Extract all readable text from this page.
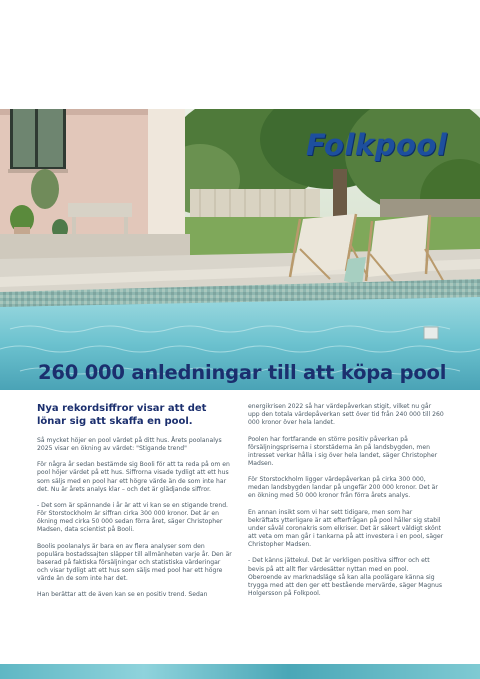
Folkpool
260 000 anledningar till att köpa pool

Nya rekordsiffror visar att det lönar sig att skaffa en pool.

Så mycket höjer en pool värdet på ditt hus. Årets poolanalys 2025 visar en ökning av värdet: "Stigande trend"

För några år sedan bestämde sig Booli för att ta reda på om en pool höjer värdet på ett hus. Siffrorna visade tydligt att ett hus som säljs med en pool har ett högre värde än de som inte har det. Nu är årets analys klar – och det är glädjande siffror.

- Det som är spännande i år är att vi kan se en stigande trend. För Storstockholm är siffran cirka 300 000 kronor. Det är en ökning med cirka 50 000 sedan förra året, säger Christopher Madsen, data scientist på Booli.

Boolis poolanalys är bara en av flera analyser som den populära bostadssajten släpper till allmänheten varje år. Den är baserad på faktiska försäljningar och statistiska värderingar och visar tydligt att ett hus som säljs med pool har ett högre värde än de som inte har det.

Han berättar att de även kan se en positiv trend. Sedan

energikrisen 2022 så har värdepåverkan stigit, vilket nu går upp den totala värdepåverkan sett över tid från 240 000 till 260 000 kronor över hela landet.

Poolen har fortfarande en större positiv påverkan på försäljningspriserna i storstäderna än på landsbygden, men intresset verkar hålla i sig över hela landet, säger Christopher Madsen.

För Storstockholm ligger värdepåverkan på cirka 300 000, medan landsbygden landar på ungefär 200 000 kronor. Det är en ökning med 50 000 kronor från förra årets analys.

En annan insikt som vi har sett tidigare, men som har bekräftats ytterligare är att efterfrågan på pool håller sig stabil under såväl coronakris som elkriser. Det är säkert väldigt skönt att veta om man går i tankarna på att investera i en pool, säger Christopher Madsen.

- Det känns jättekul. Det är verkligen positiva siffror och ett bevis på att allt fler värdesätter nyttan med en pool. Oberoende av marknadsläge så kan alla poolägare känna sig trygga med att den ger ett bestående mervärde, säger Magnus Holgersson på Folkpool.
